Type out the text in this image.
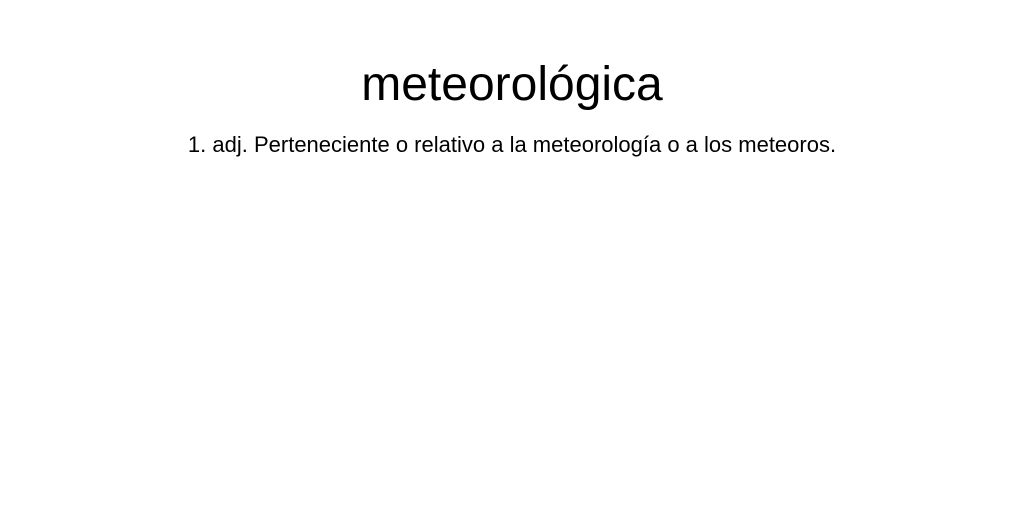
meteorológica

1. adj. Perteneciente o relativo a la meteorología o a los meteoros.
